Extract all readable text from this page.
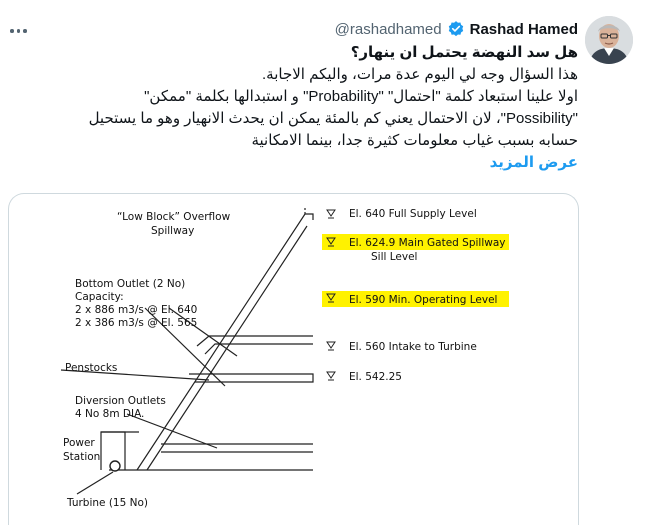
@rashadhamed Rashad Hamed
هل سد النهضة يحتمل ان ينهار؟
هذا السؤال وجه لي اليوم عدة مرات، واليكم الاجابة.
اولا علينا استبعاد كلمة "احتمال" "Probability" و استبدالها بكلمة "ممكن"
"Possibility"، لان الاحتمال يعني كم بالمئة يمكن ان يحدث الانهيار وهو ما يستحيل
حسابه بسبب غياب معلومات كثيرة جدا، بينما الامكانية
عرض المزيد
El. 640 Full Supply Level
El. 624.9 Main Gated Spillway
Sill Level
El. 590 Min. Operating Level
El. 560 Intake to Turbine
El. 542.25
“Low Block” Overflow
Spillway
Bottom Outlet (2 No)
Capacity:
2 x 886 m3/s @ El. 640
2 x 386 m3/s @ El. 565
Penstocks
Diversion Outlets
4 No 8m DIA.
Power
Station
Turbine (15 No)
